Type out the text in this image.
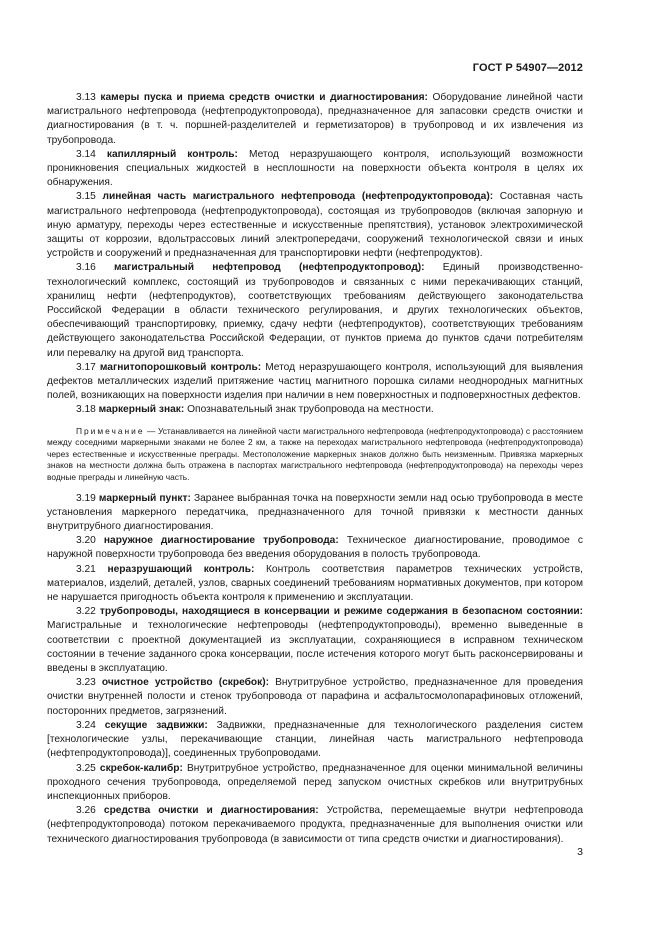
ГОСТ Р 54907—2012

3.13 камеры пуска и приема средств очистки и диагностирования: Оборудование линейной части магистрального нефтепровода (нефтепродуктопровода), предназначенное для запасовки средств очистки и диагностирования (в т. ч. поршней-разделителей и герметизаторов) в трубопровод и их извлечения из трубопровода.

3.14 капиллярный контроль: Метод неразрушающего контроля, использующий возможности проникновения специальных жидкостей в несплошности на поверхности объекта контроля в целях их обнаружения.

3.15 линейная часть магистрального нефтепровода (нефтепродуктопровода): Составная часть магистрального нефтепровода (нефтепродуктопровода), состоящая из трубопроводов (включая запорную и иную арматуру, переходы через естественные и искусственные препятствия), установок электрохимической защиты от коррозии, вдольтрассовых линий электропередачи, сооружений технологической связи и иных устройств и сооружений и предназначенная для транспортировки нефти (нефтепродуктов).

3.16 магистральный нефтепровод (нефтепродуктопровод): Единый производственно-технологический комплекс, состоящий из трубопроводов и связанных с ними перекачивающих станций, хранилищ нефти (нефтепродуктов), соответствующих требованиям действующего законодательства Российской Федерации в области технического регулирования, и других технологических объектов, обеспечивающий транспортировку, приемку, сдачу нефти (нефтепродуктов), соответствующих требованиям действующего законодательства Российской Федерации, от пунктов приема до пунктов сдачи потребителям или перевалку на другой вид транспорта.

3.17 магнитопорошковый контроль: Метод неразрушающего контроля, использующий для выявления дефектов металлических изделий притяжение частиц магнитного порошка силами неоднородных магнитных полей, возникающих на поверхности изделия при наличии в нем поверхностных и подповерхностных дефектов.

3.18 маркерный знак: Опознавательный знак трубопровода на местности.

Примечание — Устанавливается на линейной части магистрального нефтепровода (нефтепродуктопровода) с расстоянием между соседними маркерными знаками не более 2 км, а также на переходах магистрального нефтепровода (нефтепродуктопровода) через естественные и искусственные преграды. Местоположение маркерных знаков должно быть неизменным. Привязка маркерных знаков на местности должна быть отражена в паспортах магистрального нефтепровода (нефтепродуктопровода) на переходы через водные преграды и линейную часть.

3.19 маркерный пункт: Заранее выбранная точка на поверхности земли над осью трубопровода в месте установления маркерного передатчика, предназначенного для точной привязки к местности данных внутритрубного диагностирования.

3.20 наружное диагностирование трубопровода: Техническое диагностирование, проводимое с наружной поверхности трубопровода без введения оборудования в полость трубопровода.

3.21 неразрушающий контроль: Контроль соответствия параметров технических устройств, материалов, изделий, деталей, узлов, сварных соединений требованиям нормативных документов, при котором не нарушается пригодность объекта контроля к применению и эксплуатации.

3.22 трубопроводы, находящиеся в консервации и режиме содержания в безопасном состоянии: Магистральные и технологические нефтепроводы (нефтепродуктопроводы), временно выведенные в соответствии с проектной документацией из эксплуатации, сохраняющиеся в исправном техническом состоянии в течение заданного срока консервации, после истечения которого могут быть расконсервированы и введены в эксплуатацию.

3.23 очистное устройство (скребок): Внутритрубное устройство, предназначенное для проведения очистки внутренней полости и стенок трубопровода от парафина и асфальтосмолопарафиновых отложений, посторонних предметов, загрязнений.

3.24 секущие задвижки: Задвижки, предназначенные для технологического разделения систем [технологические узлы, перекачивающие станции, линейная часть магистрального нефтепровода (нефтепродуктопровода)], соединенных трубопроводами.

3.25 скребок-калибр: Внутритрубное устройство, предназначенное для оценки минимальной величины проходного сечения трубопровода, определяемой перед запуском очистных скребков или внутритрубных инспекционных приборов.

3.26 средства очистки и диагностирования: Устройства, перемещаемые внутри нефтепровода (нефтепродуктопровода) потоком перекачиваемого продукта, предназначенные для выполнения очистки или технического диагностирования трубопровода (в зависимости от типа средств очистки и диагностирования).

3
